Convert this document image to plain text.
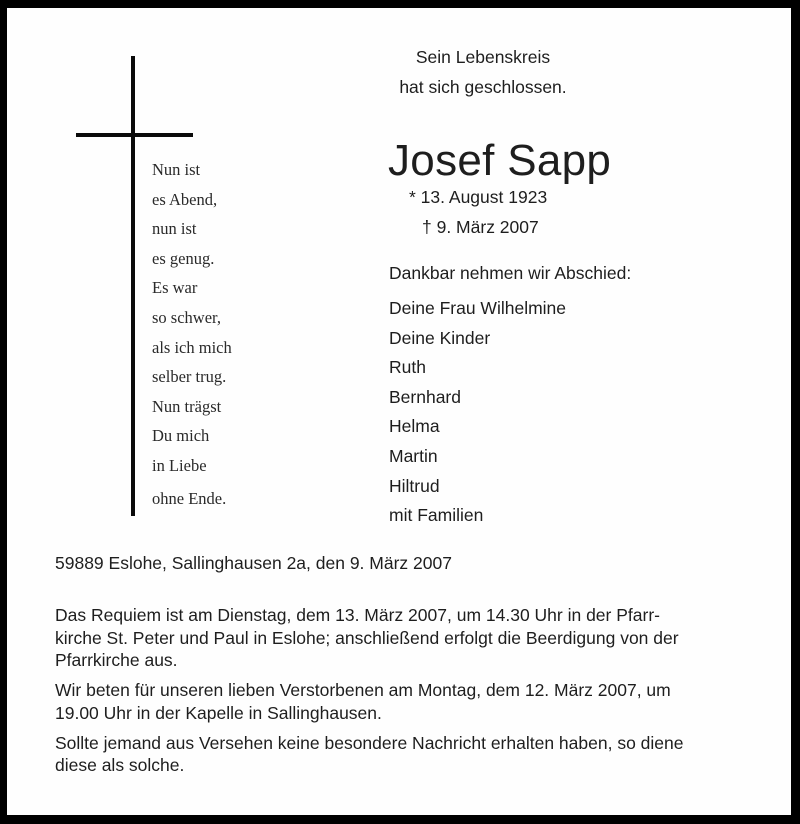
Nun ist
es Abend,
nun ist
es genug.
Es war
so schwer,
als ich mich
selber trug.
Nun trägst
Du mich
in Liebe
ohne Ende.
Sein Lebenskreis
hat sich geschlossen.
Josef Sapp
* 13. August 1923
† 9. März 2007
Dankbar nehmen wir Abschied:
Deine Frau Wilhelmine
Deine Kinder
Ruth
Bernhard
Helma
Martin
Hiltrud
mit Familien
59889 Eslohe, Sallinghausen 2a, den 9. März 2007
Das Requiem ist am Dienstag, dem 13. März 2007, um 14.30 Uhr in der Pfarr-
kirche St. Peter und Paul in Eslohe; anschließend erfolgt die Beerdigung von der
Pfarrkirche aus.
Wir beten für unseren lieben Verstorbenen am Montag, dem 12. März 2007, um
19.00 Uhr in der Kapelle in Sallinghausen.
Sollte jemand aus Versehen keine besondere Nachricht erhalten haben, so diene
diese als solche.
